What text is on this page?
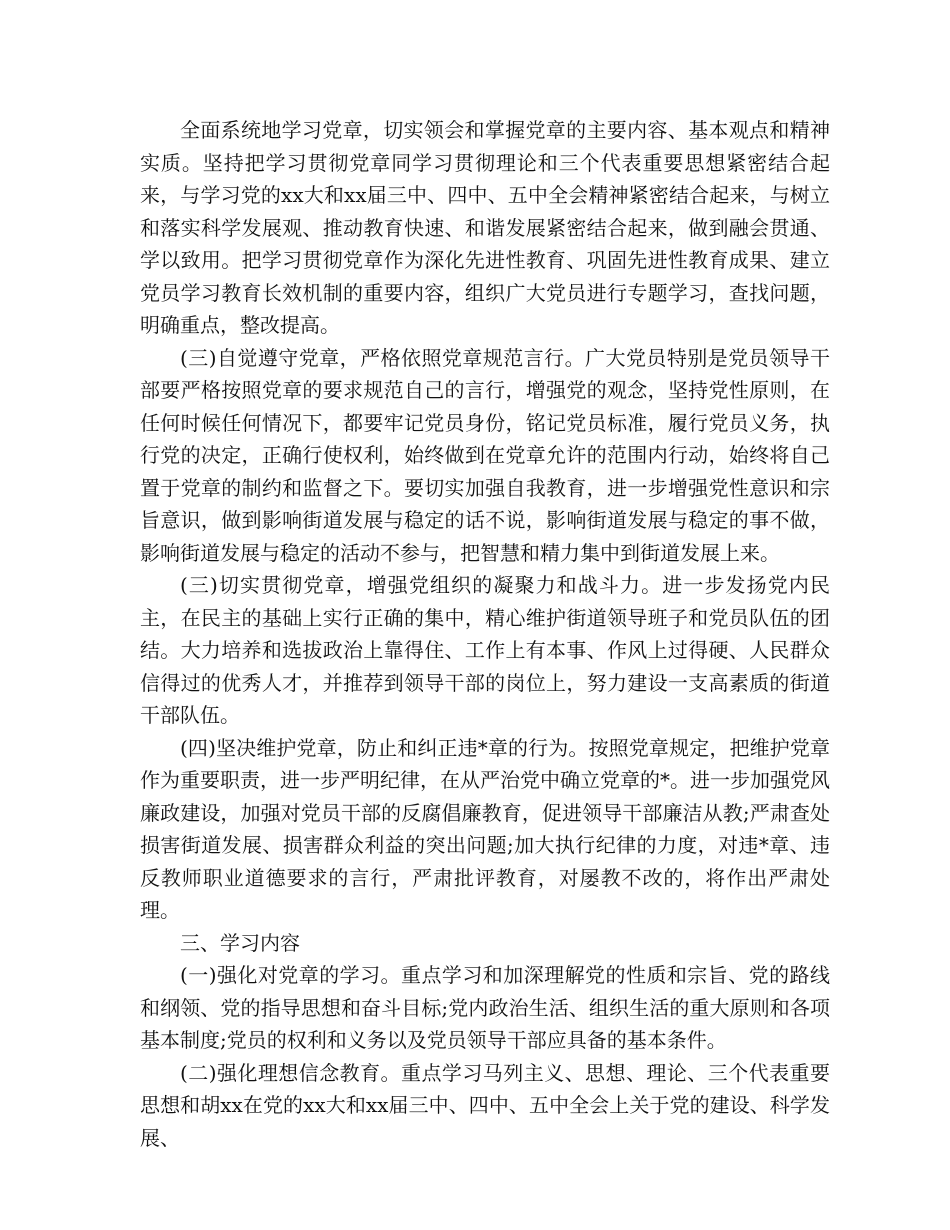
全面系统地学习党章，切实领会和掌握党章的主要内容、基本观点和精神实质。坚持把学习贯彻党章同学习贯彻理论和三个代表重要思想紧密结合起来，与学习党的xx大和xx届三中、四中、五中全会精神紧密结合起来，与树立和落实科学发展观、推动教育快速、和谐发展紧密结合起来，做到融会贯通、学以致用。把学习贯彻党章作为深化先进性教育、巩固先进性教育成果、建立党员学习教育长效机制的重要内容，组织广大党员进行专题学习，查找问题，明确重点，整改提高。

(三)自觉遵守党章，严格依照党章规范言行。广大党员特别是党员领导干部要严格按照党章的要求规范自己的言行，增强党的观念，坚持党性原则，在任何时候任何情况下，都要牢记党员身份，铭记党员标准，履行党员义务，执行党的决定，正确行使权利，始终做到在党章允许的范围内行动，始终将自己置于党章的制约和监督之下。要切实加强自我教育，进一步增强党性意识和宗旨意识，做到影响街道发展与稳定的话不说，影响街道发展与稳定的事不做，影响街道发展与稳定的活动不参与，把智慧和精力集中到街道发展上来。

(三)切实贯彻党章，增强党组织的凝聚力和战斗力。进一步发扬党内民主，在民主的基础上实行正确的集中，精心维护街道领导班子和党员队伍的团结。大力培养和选拔政治上靠得住、工作上有本事、作风上过得硬、人民群众信得过的优秀人才，并推荐到领导干部的岗位上，努力建设一支高素质的街道干部队伍。

(四)坚决维护党章，防止和纠正违*章的行为。按照党章规定，把维护党章作为重要职责，进一步严明纪律，在从严治党中确立党章的*。进一步加强党风廉政建设，加强对党员干部的反腐倡廉教育，促进领导干部廉洁从教;严肃查处损害街道发展、损害群众利益的突出问题;加大执行纪律的力度，对违*章、违反教师职业道德要求的言行，严肃批评教育，对屡教不改的，将作出严肃处理。

三、学习内容

(一)强化对党章的学习。重点学习和加深理解党的性质和宗旨、党的路线和纲领、党的指导思想和奋斗目标;党内政治生活、组织生活的重大原则和各项基本制度;党员的权利和义务以及党员领导干部应具备的基本条件。

(二)强化理想信念教育。重点学习马列主义、思想、理论、三个代表重要思想和胡xx在党的xx大和xx届三中、四中、五中全会上关于党的建设、科学发展、
